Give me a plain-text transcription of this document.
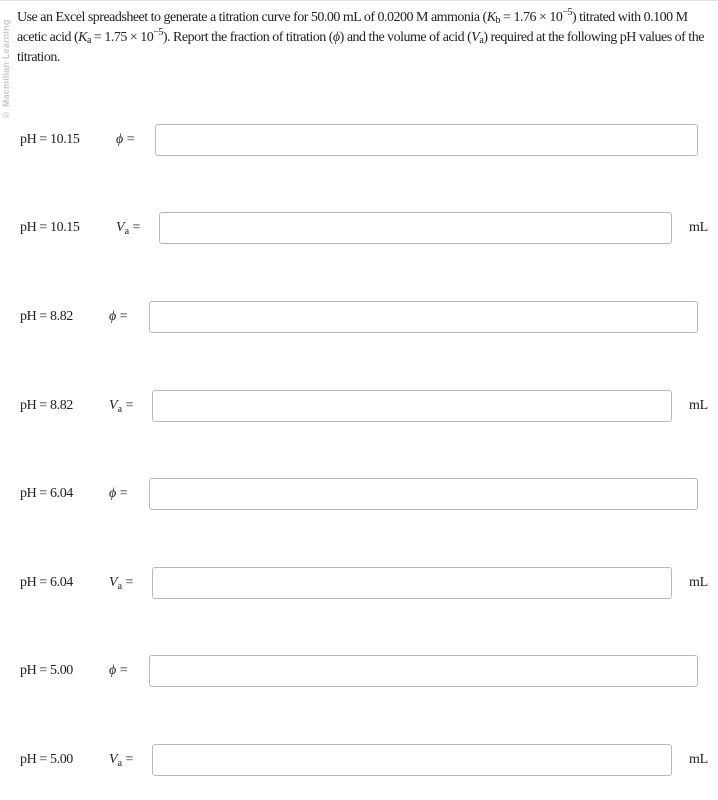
© Macmillan Learning
Use an Excel spreadsheet to generate a titration curve for 50.00 mL of 0.0200 M ammonia $(K_b = 1.76 \times 10^{-5})$ titrated with 0.100 M acetic acid $(K_a = 1.75 \times 10^{-5})$. Report the fraction of titration (ϕ) and the volume of acid $(V_a)$ required at the following pH values of the titration.
pH = 10.15	ϕ =
pH = 10.15	$V_a$ =	mL
pH = 8.82	ϕ =
pH = 8.82	$V_a$ =	mL
pH = 6.04	ϕ =
pH = 6.04	$V_a$ =	mL
pH = 5.00	ϕ =
pH = 5.00	$V_a$ =	mL
